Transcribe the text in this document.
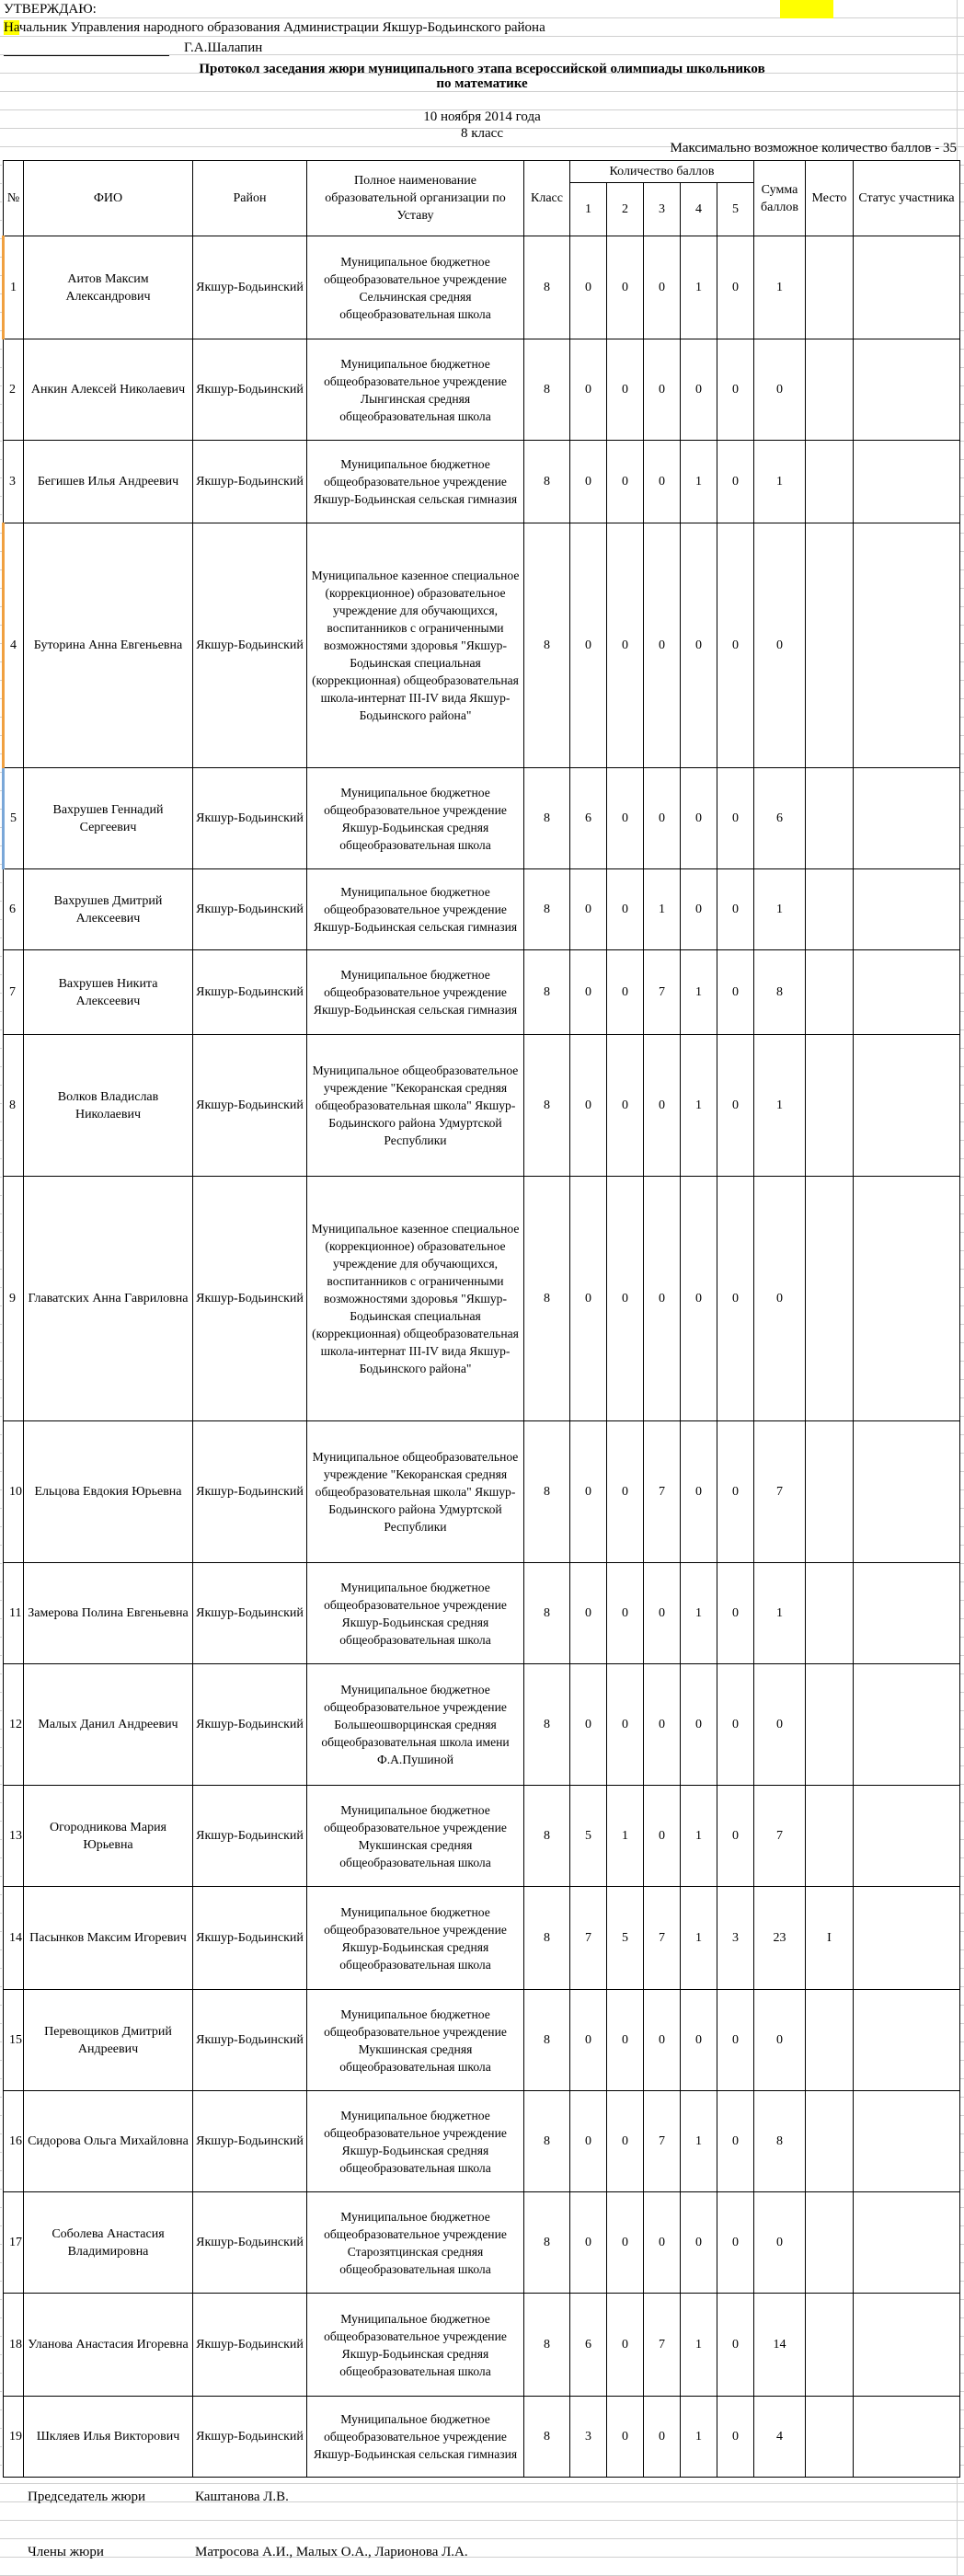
УТВЕРЖДАЮ:
Начальник Управления народного образования Администрации Якшур-Бодьинского района
Г.А.Шалапин
Протокол заседания жюри муниципального этапа всероссийской олимпиады школьников
по математике
10 ноября 2014 года
8 класс
Максимально возможное количество баллов - 35
№	ФИО	Район	Полное наименование образовательной организации по Уставу	Класс	Количество баллов					Сумма баллов	Место	Статус участника
					1	2	3	4	5			
1	Аитов Максим Александрович	Якшур-Бодьинский	Муниципальное бюджетное общеобразовательное учреждение Сельчинская средняя общеобразовательная школа	8	0	0	0	1	0	1		
2	Анкин Алексей Николаевич	Якшур-Бодьинский	Муниципальное бюджетное общеобразовательное учреждение Лынгинская средняя общеобразовательная школа	8	0	0	0	0	0	0		
3	Бегишев Илья Андреевич	Якшур-Бодьинский	Муниципальное бюджетное общеобразовательное учреждение Якшур-Бодьинская сельская гимназия	8	0	0	0	1	0	1		
4	Буторина Анна Евгеньевна	Якшур-Бодьинский	Муниципальное казенное специальное (коррекционное) образовательное учреждение для обучающихся, воспитанников с ограниченными возможностями здоровья "Якшур-Бодьинская специальная (коррекционная) общеобразовательная школа-интернат III-IV вида Якшур-Бодьинского района"	8	0	0	0	0	0	0		
5	Вахрушев Геннадий Сергеевич	Якшур-Бодьинский	Муниципальное бюджетное общеобразовательное учреждение Якшур-Бодьинская средняя общеобразовательная школа	8	6	0	0	0	0	6		
6	Вахрушев Дмитрий Алексеевич	Якшур-Бодьинский	Муниципальное бюджетное общеобразовательное учреждение Якшур-Бодьинская сельская гимназия	8	0	0	1	0	0	1		
7	Вахрушев Никита Алексеевич	Якшур-Бодьинский	Муниципальное бюджетное общеобразовательное учреждение Якшур-Бодьинская сельская гимназия	8	0	0	7	1	0	8		
8	Волков Владислав Николаевич	Якшур-Бодьинский	Муниципальное общеобразовательное учреждение "Кекоранская средняя общеобразовательная школа" Якшур-Бодьинского района Удмуртской Республики	8	0	0	0	1	0	1		
9	Главатских Анна Гавриловна	Якшур-Бодьинский	Муниципальное казенное специальное (коррекционное) образовательное учреждение для обучающихся, воспитанников с ограниченными возможностями здоровья "Якшур-Бодьинская специальная (коррекционная) общеобразовательная школа-интернат III-IV вида Якшур-Бодьинского района"	8	0	0	0	0	0	0		
10	Ельцова Евдокия Юрьевна	Якшур-Бодьинский	Муниципальное общеобразовательное учреждение "Кекоранская средняя общеобразовательная школа" Якшур-Бодьинского района Удмуртской Республики	8	0	0	7	0	0	7		
11	Замерова Полина Евгеньевна	Якшур-Бодьинский	Муниципальное бюджетное общеобразовательное учреждение Якшур-Бодьинская средняя общеобразовательная школа	8	0	0	0	1	0	1		
12	Малых Данил Андреевич	Якшур-Бодьинский	Муниципальное бюджетное общеобразовательное учреждение Большеошворцинская средняя общеобразовательная школа имени Ф.А.Пушиной	8	0	0	0	0	0	0		
13	Огородникова Мария Юрьевна	Якшур-Бодьинский	Муниципальное бюджетное общеобразовательное учреждение Мукшинская средняя общеобразовательная школа	8	5	1	0	1	0	7		
14	Пасынков Максим Игоревич	Якшур-Бодьинский	Муниципальное бюджетное общеобразовательное учреждение Якшур-Бодьинская средняя общеобразовательная школа	8	7	5	7	1	3	23	I	
15	Перевощиков Дмитрий Андреевич	Якшур-Бодьинский	Муниципальное бюджетное общеобразовательное учреждение Мукшинская средняя общеобразовательная школа	8	0	0	0	0	0	0		
16	Сидорова Ольга Михайловна	Якшур-Бодьинский	Муниципальное бюджетное общеобразовательное учреждение Якшур-Бодьинская средняя общеобразовательная школа	8	0	0	7	1	0	8		
17	Соболева Анастасия Владимировна	Якшур-Бодьинский	Муниципальное бюджетное общеобразовательное учреждение Старозятцинская средняя общеобразовательная школа	8	0	0	0	0	0	0		
18	Уланова Анастасия Игоревна	Якшур-Бодьинский	Муниципальное бюджетное общеобразовательное учреждение Якшур-Бодьинская средняя общеобразовательная школа	8	6	0	7	1	0	14		
19	Шкляев Илья Викторович	Якшур-Бодьинский	Муниципальное бюджетное общеобразовательное учреждение Якшур-Бодьинская сельская гимназия	8	3	0	0	1	0	4		
Председатель жюри	Каштанова Л.В.
Члены жюри	Матросова А.И., Малых О.А., Ларионова Л.А.
